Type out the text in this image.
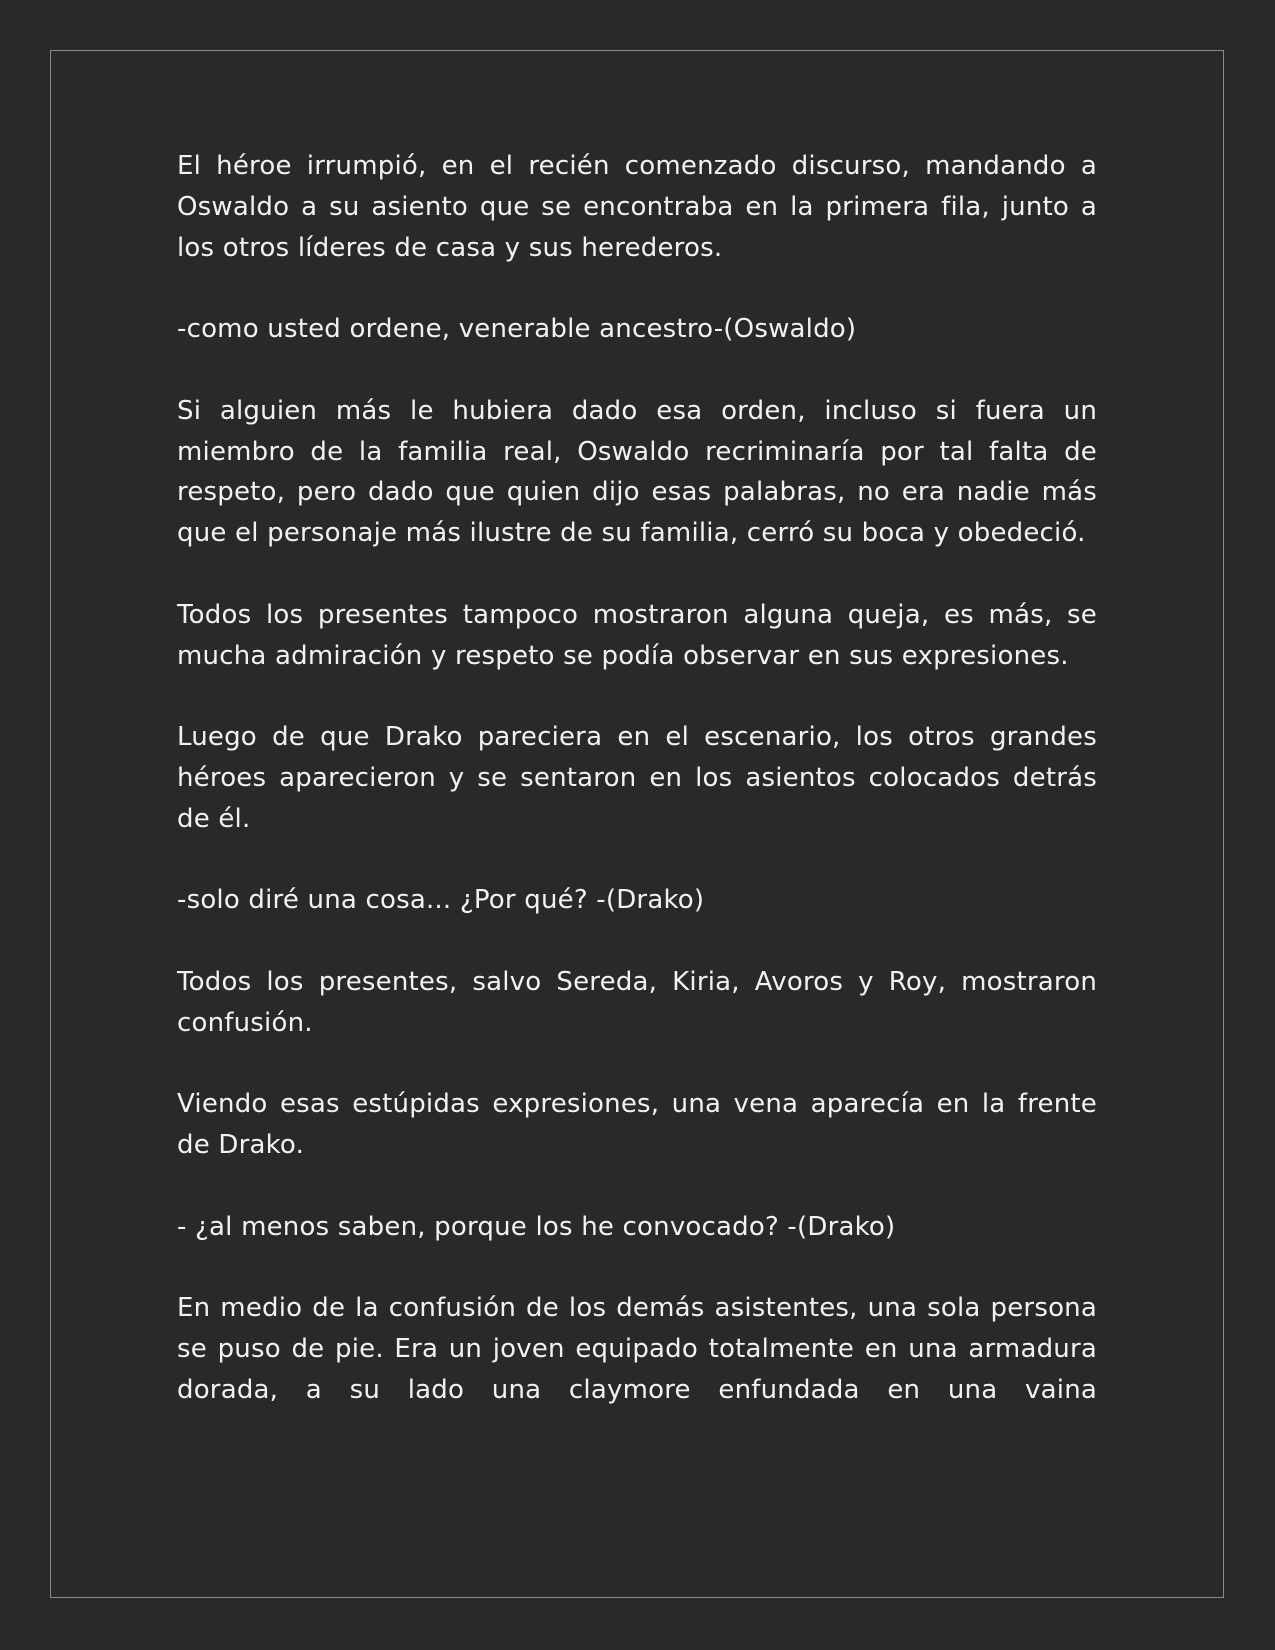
El héroe irrumpió, en el recién comenzado discurso, mandando a Oswaldo a su asiento que se encontraba en la primera fila, junto a los otros líderes de casa y sus herederos.

-como usted ordene, venerable ancestro-(Oswaldo)

Si alguien más le hubiera dado esa orden, incluso si fuera un miembro de la familia real, Oswaldo recriminaría por tal falta de respeto, pero dado que quien dijo esas palabras, no era nadie más que el personaje más ilustre de su familia, cerró su boca y obedeció.

Todos los presentes tampoco mostraron alguna queja, es más, se mucha admiración y respeto se podía observar en sus expresiones.

Luego de que Drako pareciera en el escenario, los otros grandes héroes aparecieron y se sentaron en los asientos colocados detrás de él.

-solo diré una cosa... ¿Por qué? -(Drako)

Todos los presentes, salvo Sereda, Kiria, Avoros y Roy, mostraron confusión.

Viendo esas estúpidas expresiones, una vena aparecía en la frente de Drako.

- ¿al menos saben, porque los he convocado? -(Drako)

En medio de la confusión de los demás asistentes, una sola persona se puso de pie. Era un joven equipado totalmente en una armadura dorada, a su lado una claymore enfundada en una vaina
